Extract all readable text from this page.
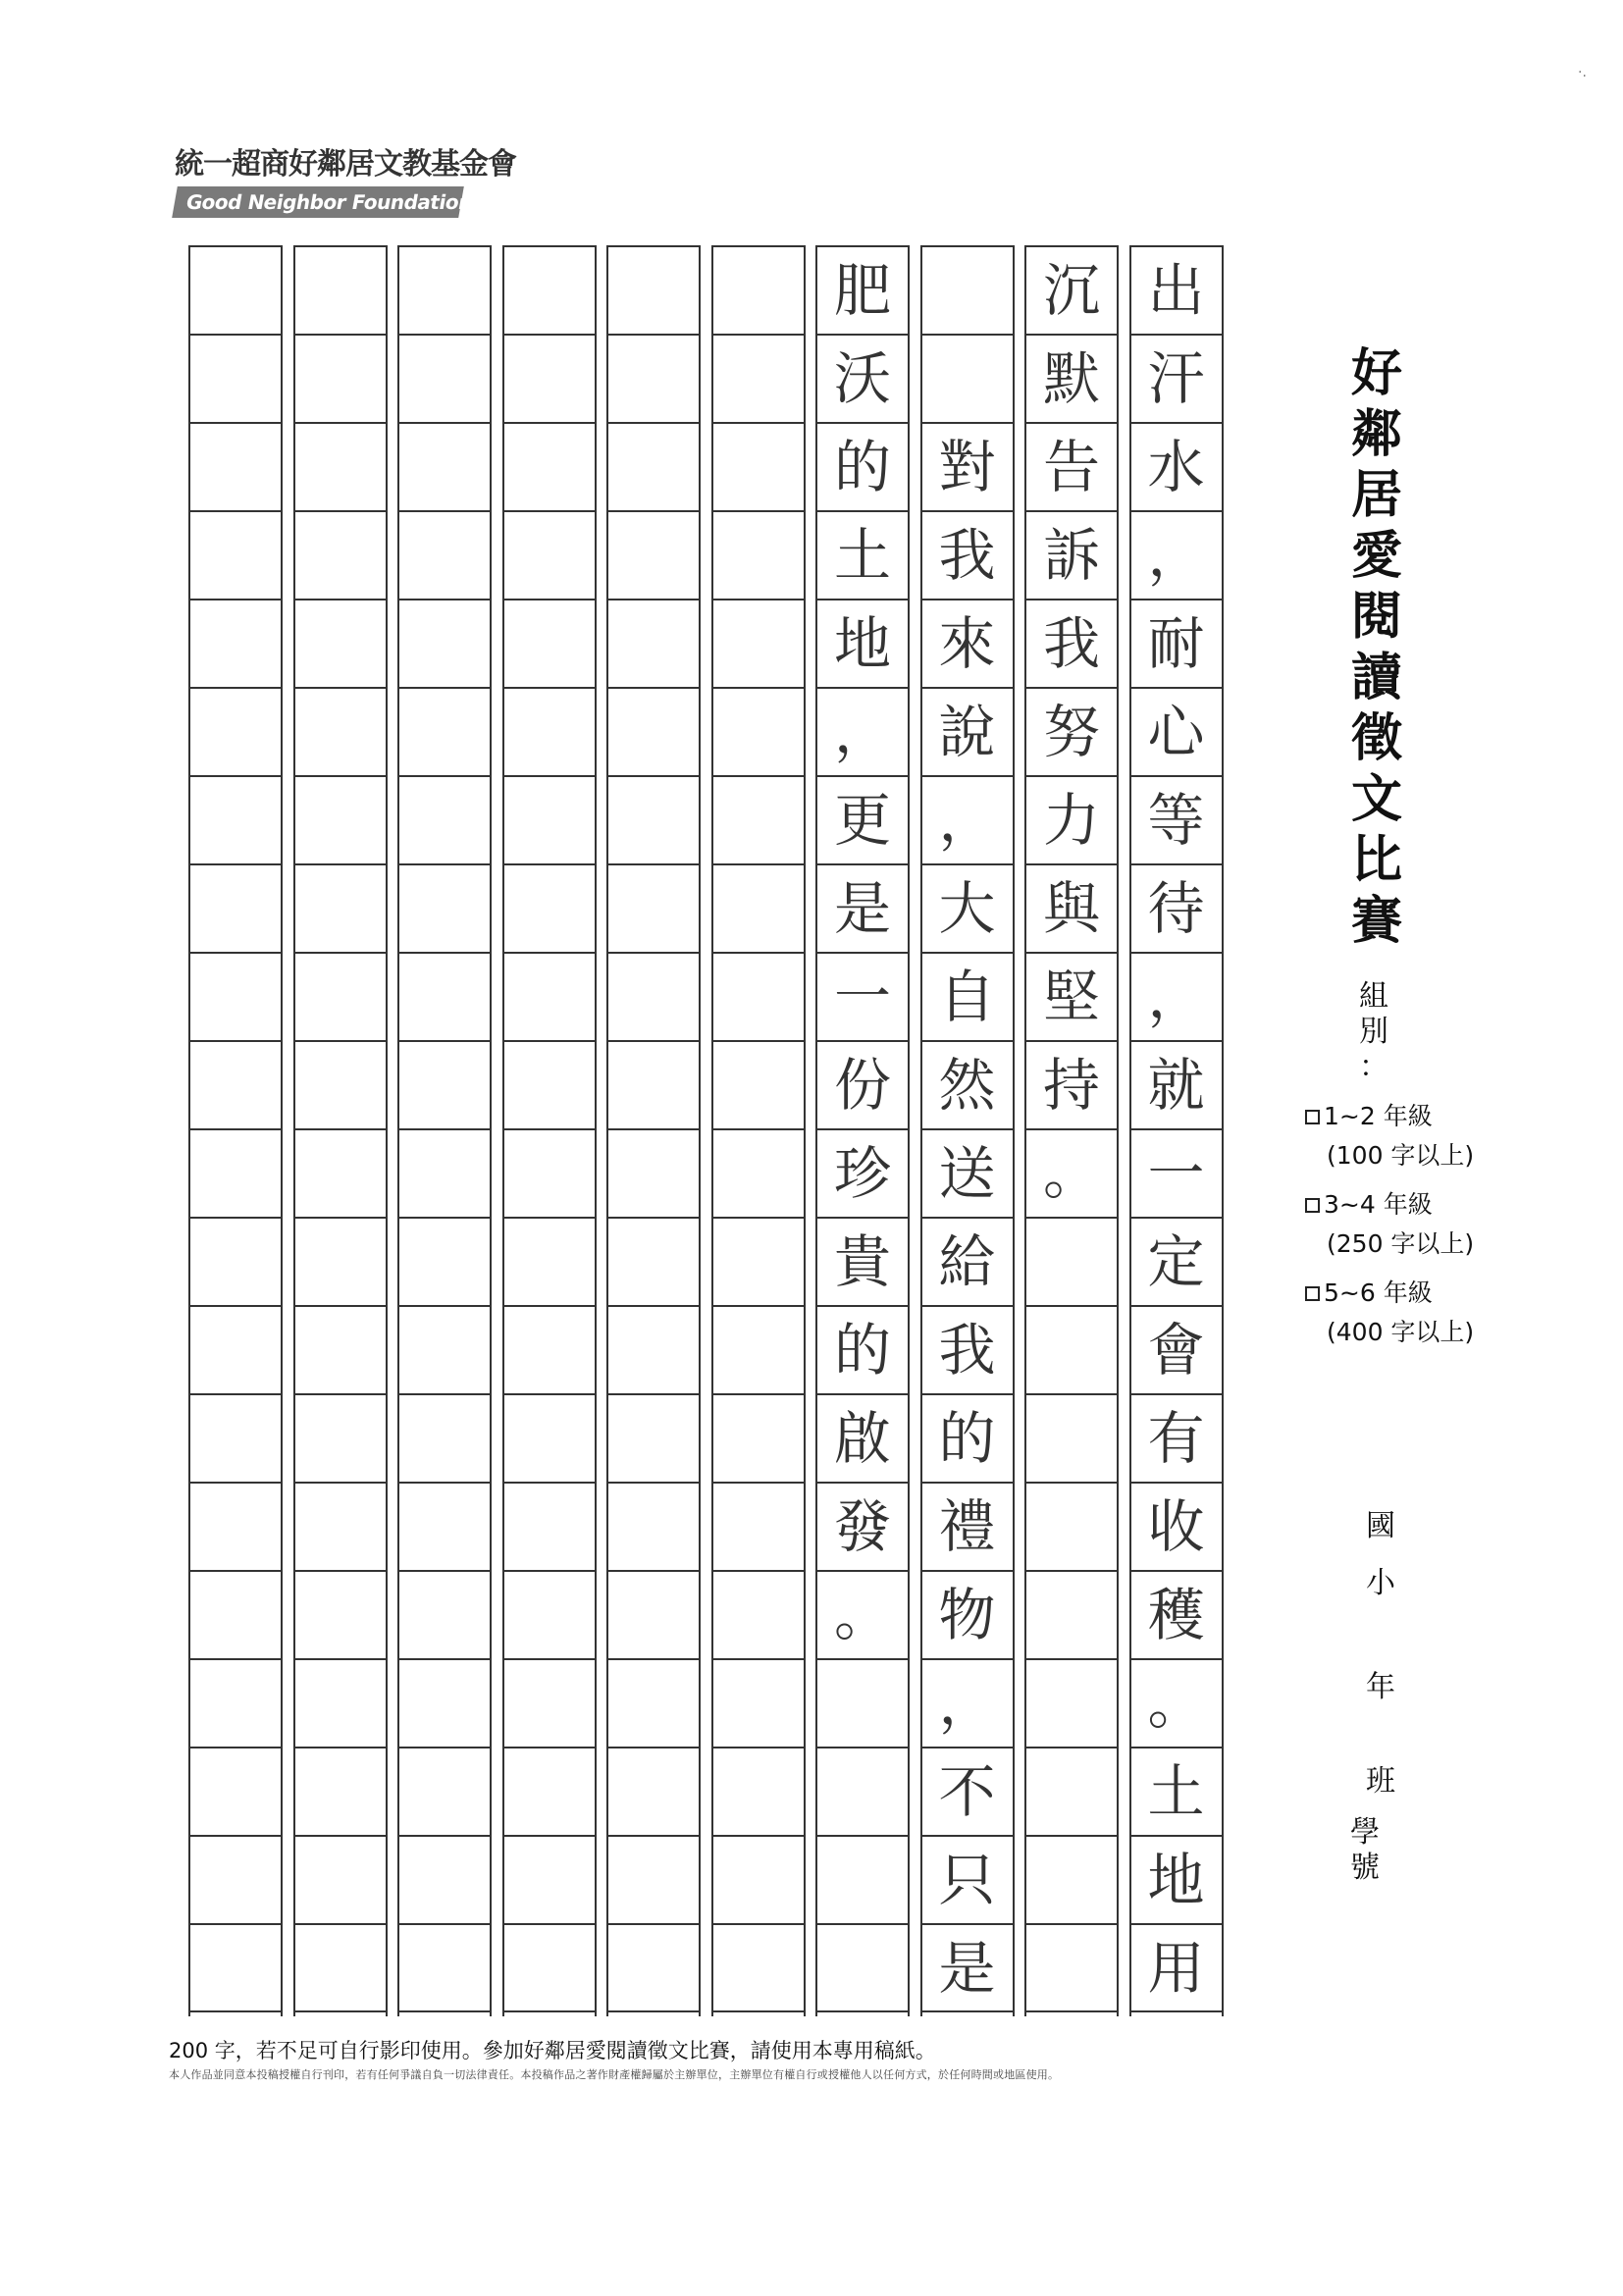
統一超商好鄰居文教基金會
Good Neighbor Foundation
出
汗
水
，
耐
心
等
待
，
就
一
定
會
有
收
穫
。
土
地
用
沉
默
告
訴
我
努
力
與
堅
持
。
對
我
來
說
，
大
自
然
送
給
我
的
禮
物
，
不
只
是
肥
沃
的
土
地
，
更
是
一
份
珍
貴
的
啟
發
。
好
鄰
居
愛
閱
讀
徵
文
比
賽
組
別
：
1~2 年級
(100 字以上)
3~4 年級
(250 字以上)
5~6 年級
(400 字以上)
國
小
年
班
學號
200 字，若不足可自行影印使用。參加好鄰居愛閱讀徵文比賽，請使用本專用稿紙。
本人作品並同意本投稿授權自行刊印，若有任何爭議自負一切法律責任。本投稿作品之著作財產權歸屬於主辦單位，主辦單位有權自行或授權他人以任何方式，於任何時間或地區使用。
·.
